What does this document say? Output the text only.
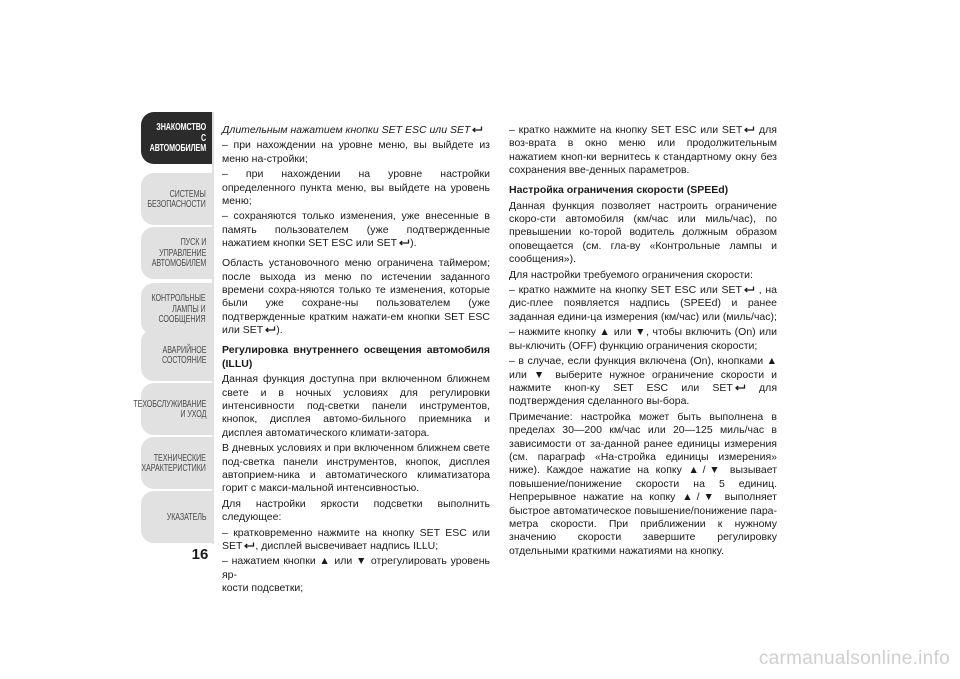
ЗНАКОМСТВО С
АВТОМОБИЛЕМ
СИСТЕМЫ
БЕЗОПАСНОСТИ
ПУСК И УПРАВЛЕНИЕ
АВТОМОБИЛЕМ
КОНТРОЛЬНЫЕ
ЛАМПЫ И
СООБЩЕНИЯ
АВАРИЙНОЕ
СОСТОЯНИЕ
ТЕХОБСЛУЖИВАНИЕ
И УХОД
ТЕХНИЧЕСКИЕ
ХАРАКТЕРИСТИКИ
УКАЗАТЕЛЬ
16

Длительным нажатием кнопки SET ESC или SET

– при нахождении на уровне меню, вы выйдете из меню на-стройки;

– при нахождении на уровне настройки определенного пункта меню, вы выйдете на уровень меню;

– сохраняются только изменения, уже внесенные в память пользователем (уже подтвержденные нажатием кнопки SET ESC или SET ).

Область установочного меню ограничена таймером; после выхода из меню по истечении заданного времени сохра-няются только те изменения, которые были уже сохране-ны пользователем (уже подтвержденные кратким нажати-ем кнопки SET ESC или SET ).

Регулировка внутреннего освещения автомобиля (ILLU)

Данная функция доступна при включенном ближнем свете и в ночных условиях для регулировки интенсивности под-светки панели инструментов, кнопок, дисплея автомо-бильного приемника и дисплея автоматического климати-затора.

В дневных условиях и при включенном ближнем свете под-светка панели инструментов, кнопок, дисплея автоприем-ника и автоматического климатизатора горит с макси-мальной интенсивностью.

Для настройки яркости подсветки выполнить следующее:

– кратковременно нажмите на кнопку SET ESC или SET , дисплей высвечивает надпись ILLU;

– нажатием кнопки ▲ или ▼ отрегулировать уровень яр-
кости подсветки;

– кратко нажмите на кнопку SET ESC или SET для воз-врата в окно меню или продолжительным нажатием кноп-ки вернитесь к стандартному окну без сохранения вве-денных параметров.

Настройка ограничения скорости (SPEEd)

Данная функция позволяет настроить ограничение скоро-сти автомобиля (км/час или миль/час), по превышении ко-торой водитель должным образом оповещается (см. гла-ву «Контрольные лампы и сообщения»).

Для настройки требуемого ограничения скорости:

– кратко нажмите на кнопку SET ESC или SET , на дис-плее появляется надпись (SPEEd) и ранее заданная едини-ца измерения (км/час) или (миль/час);

– нажмите кнопку ▲ или ▼, чтобы включить (On) или вы-ключить (OFF) функцию ограничения скорости;

– в случае, если функция включена (On), кнопками ▲ или ▼ выберите нужное ограничение скорости и нажмите кноп-ку SET ESC или SET для подтверждения сделанного вы-бора.

Примечание: настройка может быть выполнена в пределах 30—200 км/час или 20—125 миль/час в зависимости от за-данной ранее единицы измерения (см. параграф «На-стройка единицы измерения» ниже). Каждое нажатие на копку ▲/▼ вызывает повышение/понижение скорости на 5 единиц. Непрерывное нажатие на копку ▲/▼ выполняет быстрое автоматическое повышение/понижение пара-метра скорости. При приближении к нужному значению скорости завершите регулировку отдельными краткими нажатиями на кнопку.

carmanualsonline.info
